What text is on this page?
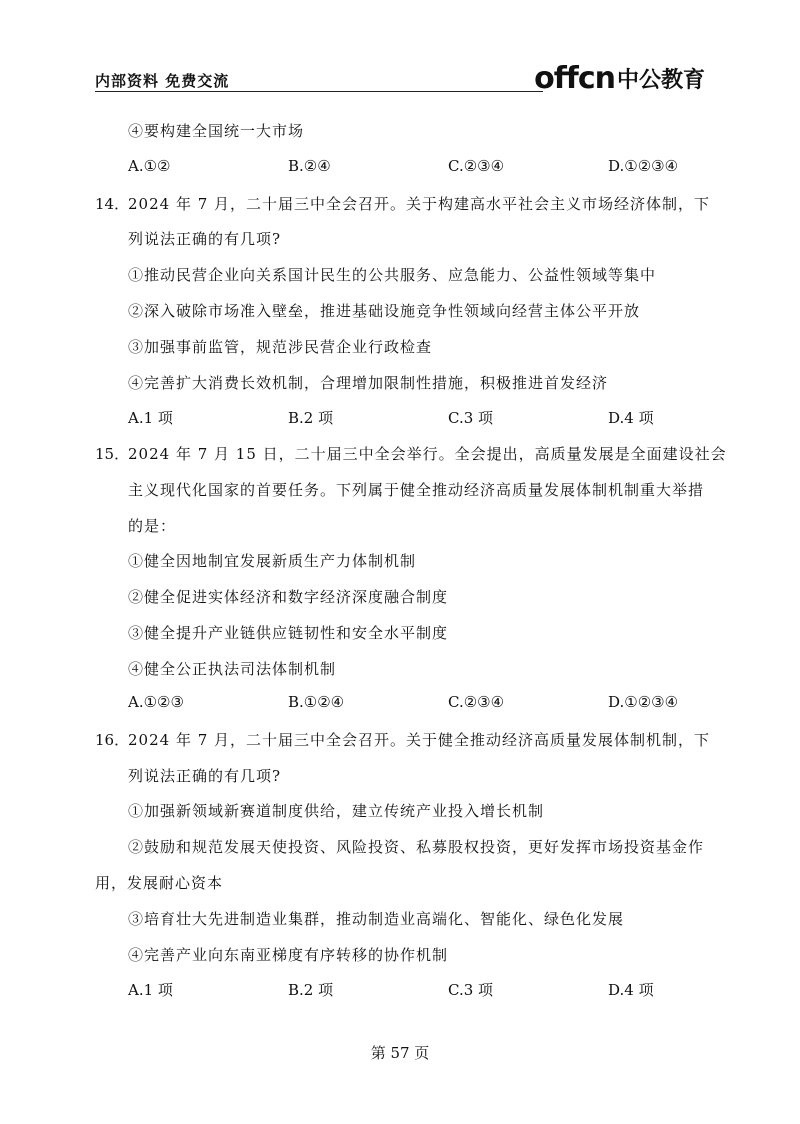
内部资料 免费交流	offcn 中公教育
④要构建全国统一大市场
A.①②	B.②④	C.②③④	D.①②③④
14．
2024 年 7 月，二十届三中全会召开。关于构建高水平社会主义市场经济体制，下
列说法正确的有几项?
①推动民营企业向关系国计民生的公共服务、应急能力、公益性领域等集中
②深入破除市场准入壁垒，推进基础设施竞争性领域向经营主体公平开放
③加强事前监管，规范涉民营企业行政检查
④完善扩大消费长效机制，合理增加限制性措施，积极推进首发经济
A.1 项	B.2 项	C.3 项	D.4 项
15．
2024 年 7 月 15 日，二十届三中全会举行。全会提出，高质量发展是全面建设社会
主义现代化国家的首要任务。下列属于健全推动经济高质量发展体制机制重大举措
的是：
①健全因地制宜发展新质生产力体制机制
②健全促进实体经济和数字经济深度融合制度
③健全提升产业链供应链韧性和安全水平制度
④健全公正执法司法体制机制
A.①②③	B.①②④	C.②③④	D.①②③④
16．
2024 年 7 月，二十届三中全会召开。关于健全推动经济高质量发展体制机制，下
列说法正确的有几项?
①加强新领域新赛道制度供给，建立传统产业投入增长机制
②鼓励和规范发展天使投资、风险投资、私募股权投资，更好发挥市场投资基金作
用，发展耐心资本
③培育壮大先进制造业集群，推动制造业高端化、智能化、绿色化发展
④完善产业向东南亚梯度有序转移的协作机制
A.1 项	B.2 项	C.3 项	D.4 项
第 57 页
